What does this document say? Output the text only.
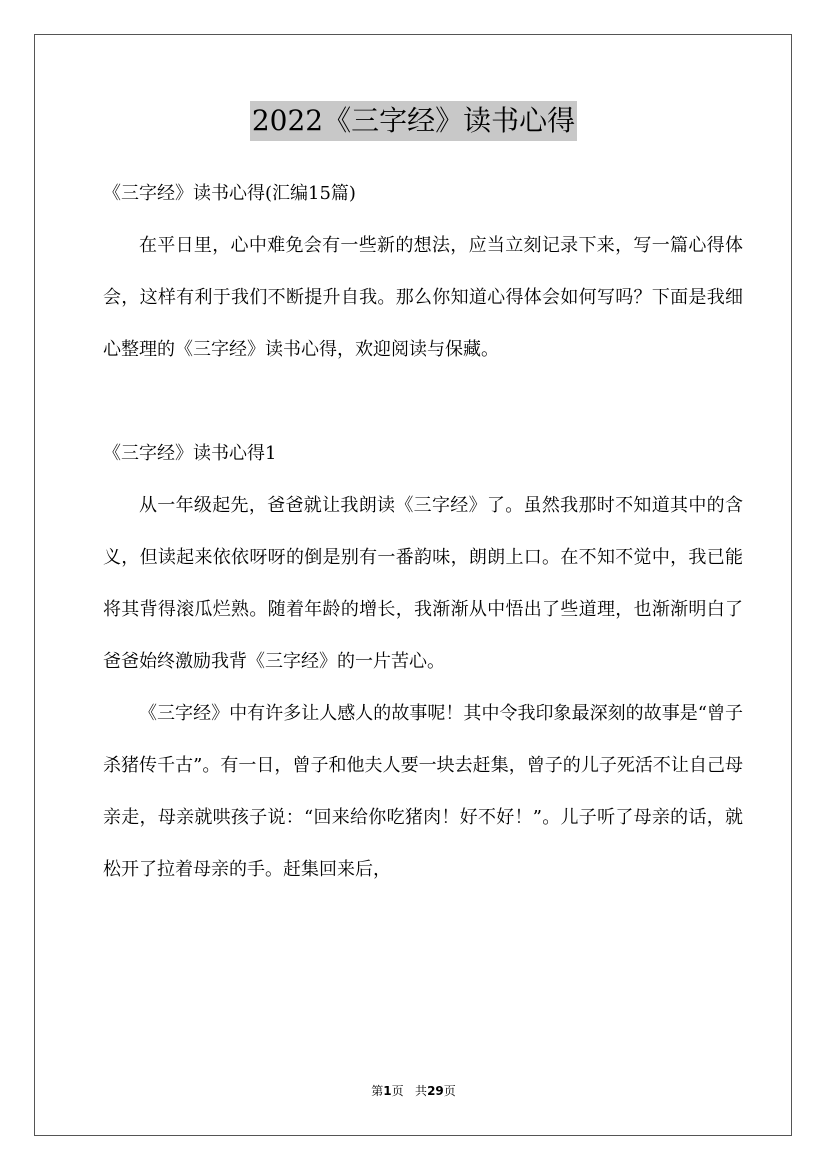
2022《三字经》读书心得

《三字经》读书心得(汇编15篇)

在平日里，心中难免会有一些新的想法，应当立刻记录下来，写一篇心得体会，这样有利于我们不断提升自我。那么你知道心得体会如何写吗？下面是我细心整理的《三字经》读书心得，欢迎阅读与保藏。

《三字经》读书心得1

从一年级起先，爸爸就让我朗读《三字经》了。虽然我那时不知道其中的含义，但读起来依依呀呀的倒是别有一番韵味，朗朗上口。在不知不觉中，我已能将其背得滚瓜烂熟。随着年龄的增长，我渐渐从中悟出了些道理，也渐渐明白了爸爸始终激励我背《三字经》的一片苦心。

《三字经》中有许多让人感人的故事呢！其中令我印象最深刻的故事是“曾子杀猪传千古”。有一日，曾子和他夫人要一块去赶集，曾子的儿子死活不让自己母亲走，母亲就哄孩子说：“回来给你吃猪肉！好不好！”。儿子听了母亲的话，就松开了拉着母亲的手。赶集回来后，

第1页 共29页
